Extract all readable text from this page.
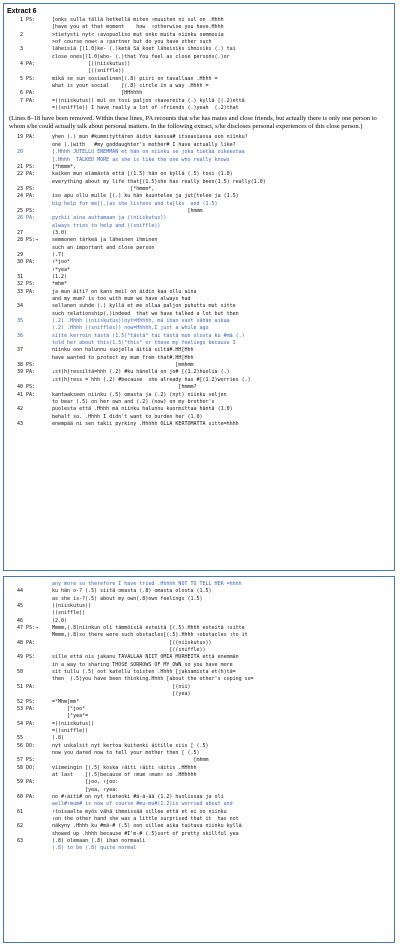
Extract 6
1 PS:	[onks sulla tällä hetkellä miten ↑muuiten ni sul on .Hhhh
[have you at that moment    how  ↑otherwise you have.Hhhh
2	>tietysti nyt< ↑avopuoliso mut onks muita niinku semmosia
>of course now< a ↑partner but do you have other such
3	läheisiä [(1.0)ke- (.)ketä Sä koet läheisiks ihmisiks (.) tai
close ones[(1.0)who- (.)that You feel as close persons(.)or
4 PA:	[((niiskutus))
[((sniffle))
5 PS:	mikä se sun sosiaalinen[(.8) piiri on tavallaan .Hhhh =
what is your social    [(.8) circle in a way .Hhhh =
6 PA:	[HHhhhh
7 PA:	=((niiskutus)) mul on tosi paljon ↑kavereita (.) kyllä [(.2)että
=((sniffle)) I have really a lot of ↑friends (.)yeah  (.2)that
(Lines 8–18 have been removed. Within these lines, PA recounts that s/he has mates and close friends, but actually there is only one person to whom s/he could actually talk about personal matters. In the following extract, s/he discloses personal experiences of this close person.)
19 PA:	yhen (.) mun #kummityttären äidin kanssa# itseasiassa oon niinku?
one (.)with   #my goddaughter's mother# I have actually like?
20	[.Hhhh JUTELLU ENEMMÄN et hän on niinku se joka tietää oikeestaa
[.Hhhh  TALKED MORE as she is like the one who really knows
21 PS:	[*hmmm*,
22 PA:	kaiken mun elämästä että [(1.5) hän on kyllä (.5) tosi (1.0)
everything about my life that[(1.5)she has really been(1.5) really(1.0)
23 PS:	[*hmmm*,
24 PA:	iso apu ollu mulle [(.) ku hän kuuntelee ja jut[telee ja (1.5)
big help for me[(.)as she listens and ta[lks  and (1.5)
25 PS:	[hmmm
26 PA:	pyrkii aina auttamaan ja ((niiskutus))
always tries to help and ((sniffle))
27	(3.0)
28 PS:→	semmonen tärkeä ja läheinen ihminen
such an important and close person
29	(.7)
30 PA:	↑*joo*
↑*yea*
31	(1.2)
32 PS:	*mhm*
33 PA:	ja mun äiti? on kans meil on äidin kaa ollu aina
and my mum? is too with mum we have always had
34	sellanen suhde (.) kyllä et me ollaa paljon puhuttu mut sitte
such relationship(.)indeed  that we have talked a lot but then
35	(.2) .Hhhh ((niiskutus))nyt=Hhhhh, mä ihan vast vähän aikaa
(.2) .Hhhh ((sniffles)) now=Hhhhh,I just a while ago
36	sitte kerroin tästä (1.5)°tästä° tai tästä mun olosta ku #mä (.)
told her about this(1.5)°this° or these my feelings because I
37	niinku oon halunnu suojella äitiä siltä#.HH[Hhh
have wanted to protect my mum from that#.HH[Hhh
38 PS:	[mmhmm
39 PA:	↓st(h)ressiltä=hhh (.2) #ku hänellä on jo# [(1.2)huolia (.)
↓st(h)ress = hhh (.2) #because  she already has #[(1.2)worries (.)
40 PS:	[hmmm?
41 PA:	kantaakseen niinku (.5) omasta ja (.2) (nyt) niinku veljen
to bear (.5) on her own and (.2) (now) on my brother's
42	puolesta että .Hhhh mä niinku halunnu kuormittaa häntä (1.0)
behalf so. .Hhhh I didn't want to burden her (1.0)
43	enempää ni sen takii pyrkiny .Hhhhh OLLA KERTOMATTA sitte=hhhh
any more so therefore I have tried .Hhhhh NOT TO TELL HER =hhhh
44	ku hän o-? (.5) siitä omasta (.8) omasta olosta (1.5)
as she is-?(.5) about my own(.8)own feelings (1.5)
45	((niiskutus))
((sniffle))
46	(2.0)
47 PS:→	Mmmm,(.8)niinkun oli tämmöisiä esteitä [(.5).Hhhh esteitä ↑sitte
Mmmm,(.8)so there were such obstacles[(.5).Hhhh ↑obstacles ↑to it
48 PA:	[((niiskutus))
[((sniffle))
49 PS:	sille että ois jakanu TAVALLAA NIIT OMIA MURHEITA että enemmän
in a way to sharing THOSE SORROWS OF MY OWN so you have more
50	sit tullu (.5) oot katellu toisten .Hhhh [jaksamista et(h)tä=
then  (.5)you have been thinking.Hhhh [about the other's coping so=
51 PA:	[(nii)
[(yea)
52 PS:	=°Mhm[mm°
53 PA:	[°joo°
[°yea°=
54 PA:	=((niiskutus))
=((sniffle))
55	(.8)
56 DO:	nyt uskalsit nyt kertoa kuitenki äitille siis [ (.5)
now you dared now to tell your mother then [ (.5)
57 PS:	[mhmm
58 DO:	viimeingin [(.5) koska ↑äiti ↑äiti ↑äitis .HHhhh
at last    [(.5)because of ↑mum ↑mum↑ so .HHhhhh
59 PA:	[joo, ↑joo:
[yea, ↑yea:
60 PA:	no #↑äiti# on nyt tietenki #ä-ä-ää (1.2) huolissaa ja oli
well#↑mum# is now of course #mu-mu#(1.2)is worried about and
61	↑toisaalta myös vähä ihmeissää sillee että et ei oo niinku
↑on the other hand she was a little surprised that it  has not
62	näkyny .Hhhh ku #mä-# (.5) oon sillee aika taitava niinku kyllä
showed up .hhhh because #I'm-# (.5)sort of pretty skillful yea
63	(.8) olemaan (.8) ihan normaali
(.8) to be (.8) quite normal
